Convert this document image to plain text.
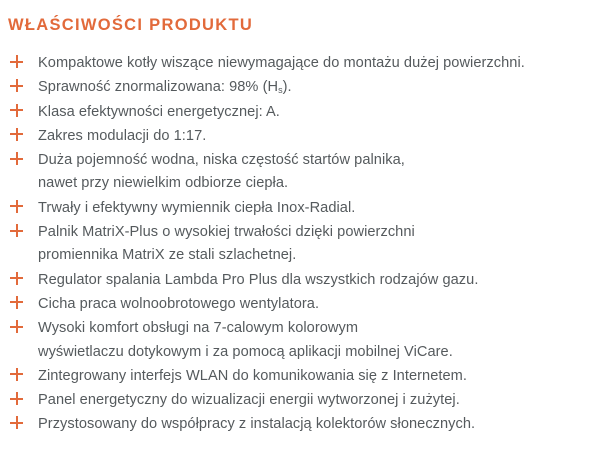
WŁAŚCIWOŚCI PRODUKTU
Kompaktowe kotły wiszące niewymagające do montażu dużej powierzchni.
Sprawność znormalizowana: 98% $(H_s)$.
Klasa efektywności energetycznej: A.
Zakres modulacji do 1:17.
Duża pojemność wodna, niska częstość startów palnika,
nawet przy niewielkim odbiorze ciepła.
Trwały i efektywny wymiennik ciepła Inox-Radial.
Palnik MatriX-Plus o wysokiej trwałości dzięki powierzchni
promiennika MatriX ze stali szlachetnej.
Regulator spalania Lambda Pro Plus dla wszystkich rodzajów gazu.
Cicha praca wolnoobrotowego wentylatora.
Wysoki komfort obsługi na 7-calowym kolorowym
wyświetlaczu dotykowym i za pomocą aplikacji mobilnej ViCare.
Zintegrowany interfejs WLAN do komunikowania się z Internetem.
Panel energetyczny do wizualizacji energii wytworzonej i zużytej.
Przystosowany do współpracy z instalacją kolektorów słonecznych.
